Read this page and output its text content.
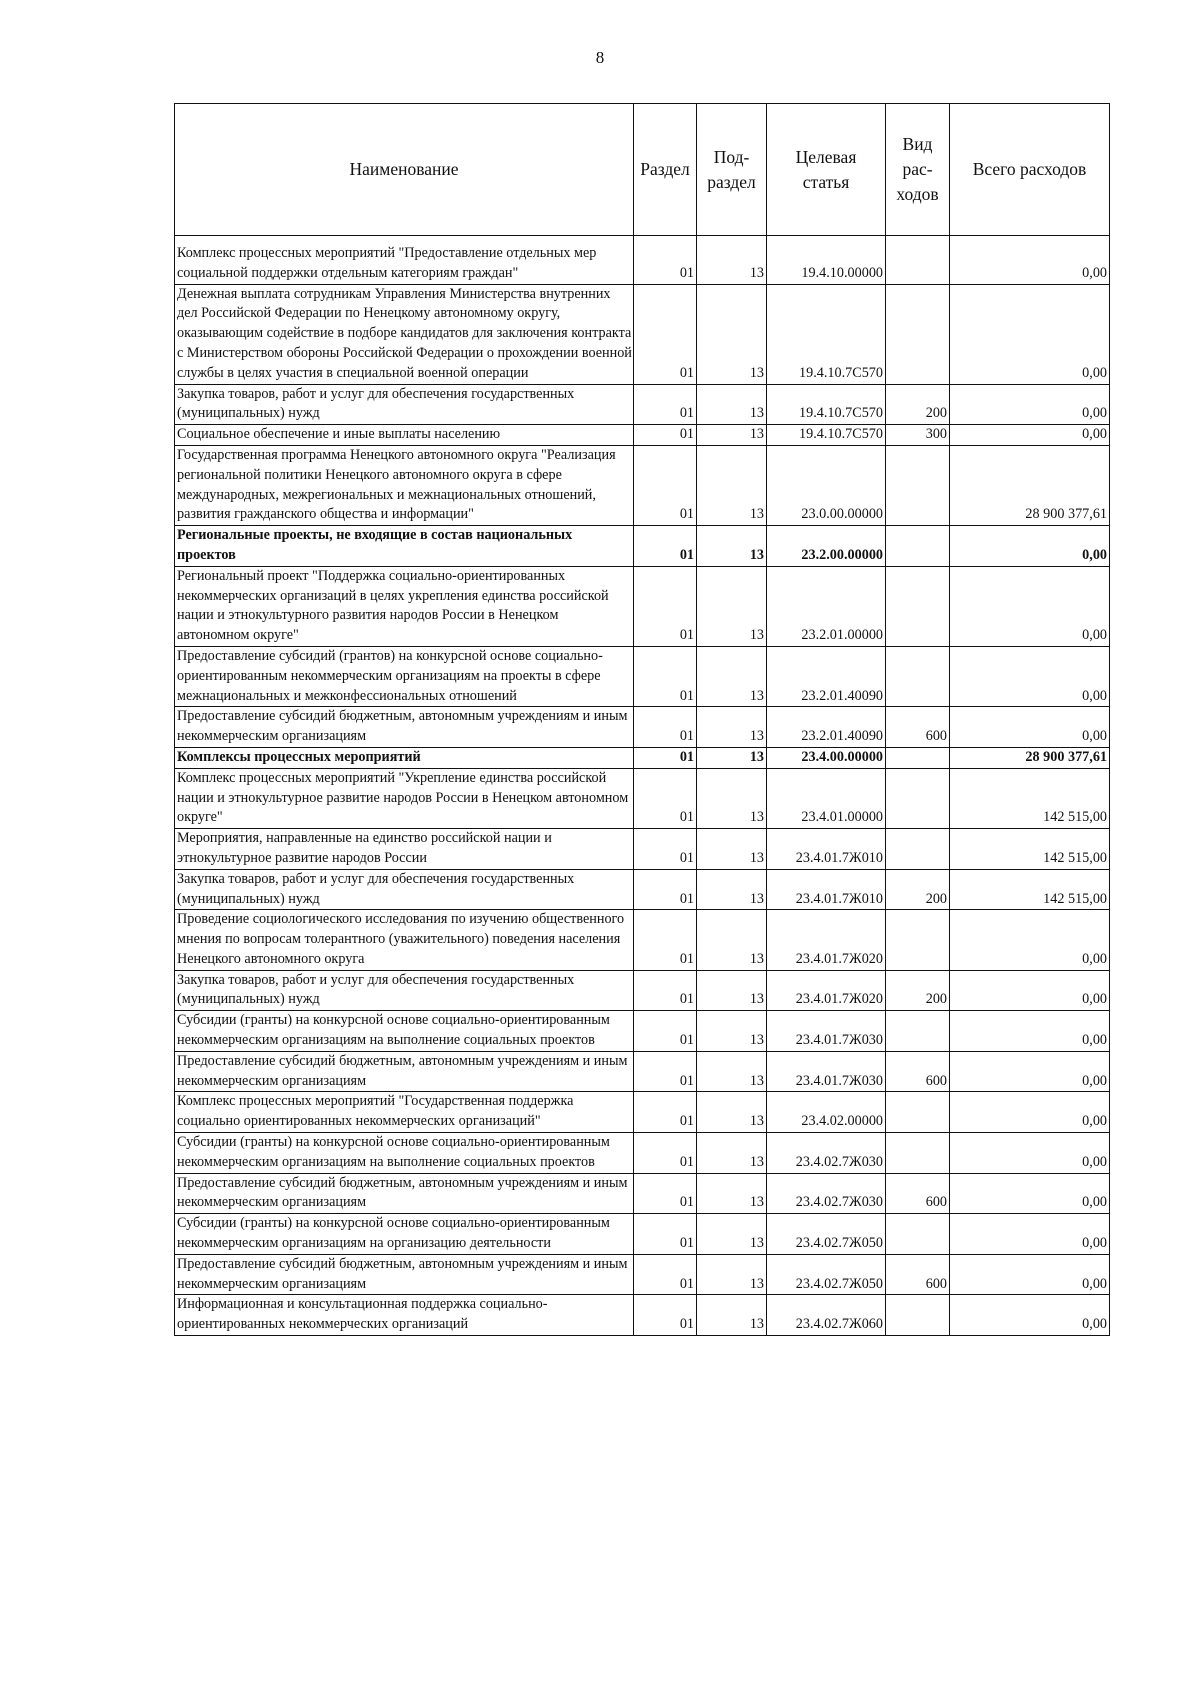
8
Наименование	Раздел	Под-
раздел	Целевая
статья	Вид
рас-
ходов	Всего расходов

Комплекс процессных мероприятий "Предоставление отдельных мер социальной поддержки отдельным категориям граждан"	01	13	19.4.10.00000		0,00
Денежная выплата сотрудникам Управления Министерства внутренних дел Российской Федерации по Ненецкому автономному округу, оказывающим содействие в подборе кандидатов для заключения контракта с Министерством обороны Российской Федерации о прохождении военной службы в целях участия в специальной военной операции	01	13	19.4.10.7С570		0,00
Закупка товаров, работ и услуг для обеспечения государственных (муниципальных) нужд	01	13	19.4.10.7С570	200	0,00
Социальное обеспечение и иные выплаты населению	01	13	19.4.10.7С570	300	0,00
Государственная программа Ненецкого автономного округа "Реализация региональной политики Ненецкого автономного округа в сфере международных, межрегиональных и межнациональных отношений, развития гражданского общества и информации"	01	13	23.0.00.00000		28 900 377,61
Региональные проекты, не входящие в состав национальных проектов	01	13	23.2.00.00000		0,00
Региональный проект "Поддержка социально-ориентированных некоммерческих организаций в целях укрепления единства российской нации и этнокультурного развития народов России в Ненецком автономном округе"	01	13	23.2.01.00000		0,00
Предоставление субсидий (грантов) на конкурсной основе социально-ориентированным некоммерческим организациям на проекты в сфере межнациональных и межконфессиональных отношений	01	13	23.2.01.40090		0,00
Предоставление субсидий бюджетным, автономным учреждениям и иным некоммерческим организациям	01	13	23.2.01.40090	600	0,00
Комплексы процессных мероприятий	01	13	23.4.00.00000		28 900 377,61
Комплекс процессных мероприятий "Укрепление единства российской нации и этнокультурное развитие народов России в Ненецком автономном округе"	01	13	23.4.01.00000		142 515,00
Мероприятия, направленные на единство российской нации и этнокультурное развитие народов России	01	13	23.4.01.7Ж010		142 515,00
Закупка товаров, работ и услуг для обеспечения государственных (муниципальных) нужд	01	13	23.4.01.7Ж010	200	142 515,00
Проведение социологического исследования по изучению общественного мнения по вопросам толерантного (уважительного) поведения населения Ненецкого автономного округа	01	13	23.4.01.7Ж020		0,00
Закупка товаров, работ и услуг для обеспечения государственных (муниципальных) нужд	01	13	23.4.01.7Ж020	200	0,00
Субсидии (гранты) на конкурсной основе социально-ориентированным некоммерческим организациям на выполнение социальных проектов	01	13	23.4.01.7Ж030		0,00
Предоставление субсидий бюджетным, автономным учреждениям и иным некоммерческим организациям	01	13	23.4.01.7Ж030	600	0,00
Комплекс процессных мероприятий "Государственная поддержка социально ориентированных некоммерческих организаций"	01	13	23.4.02.00000		0,00
Субсидии (гранты) на конкурсной основе социально-ориентированным некоммерческим организациям на выполнение социальных проектов	01	13	23.4.02.7Ж030		0,00
Предоставление субсидий бюджетным, автономным учреждениям и иным некоммерческим организациям	01	13	23.4.02.7Ж030	600	0,00
Субсидии (гранты) на конкурсной основе социально-ориентированным некоммерческим организациям на организацию деятельности	01	13	23.4.02.7Ж050		0,00
Предоставление субсидий бюджетным, автономным учреждениям и иным некоммерческим организациям	01	13	23.4.02.7Ж050	600	0,00
Информационная и консультационная поддержка социально-ориентированных некоммерческих организаций	01	13	23.4.02.7Ж060		0,00
